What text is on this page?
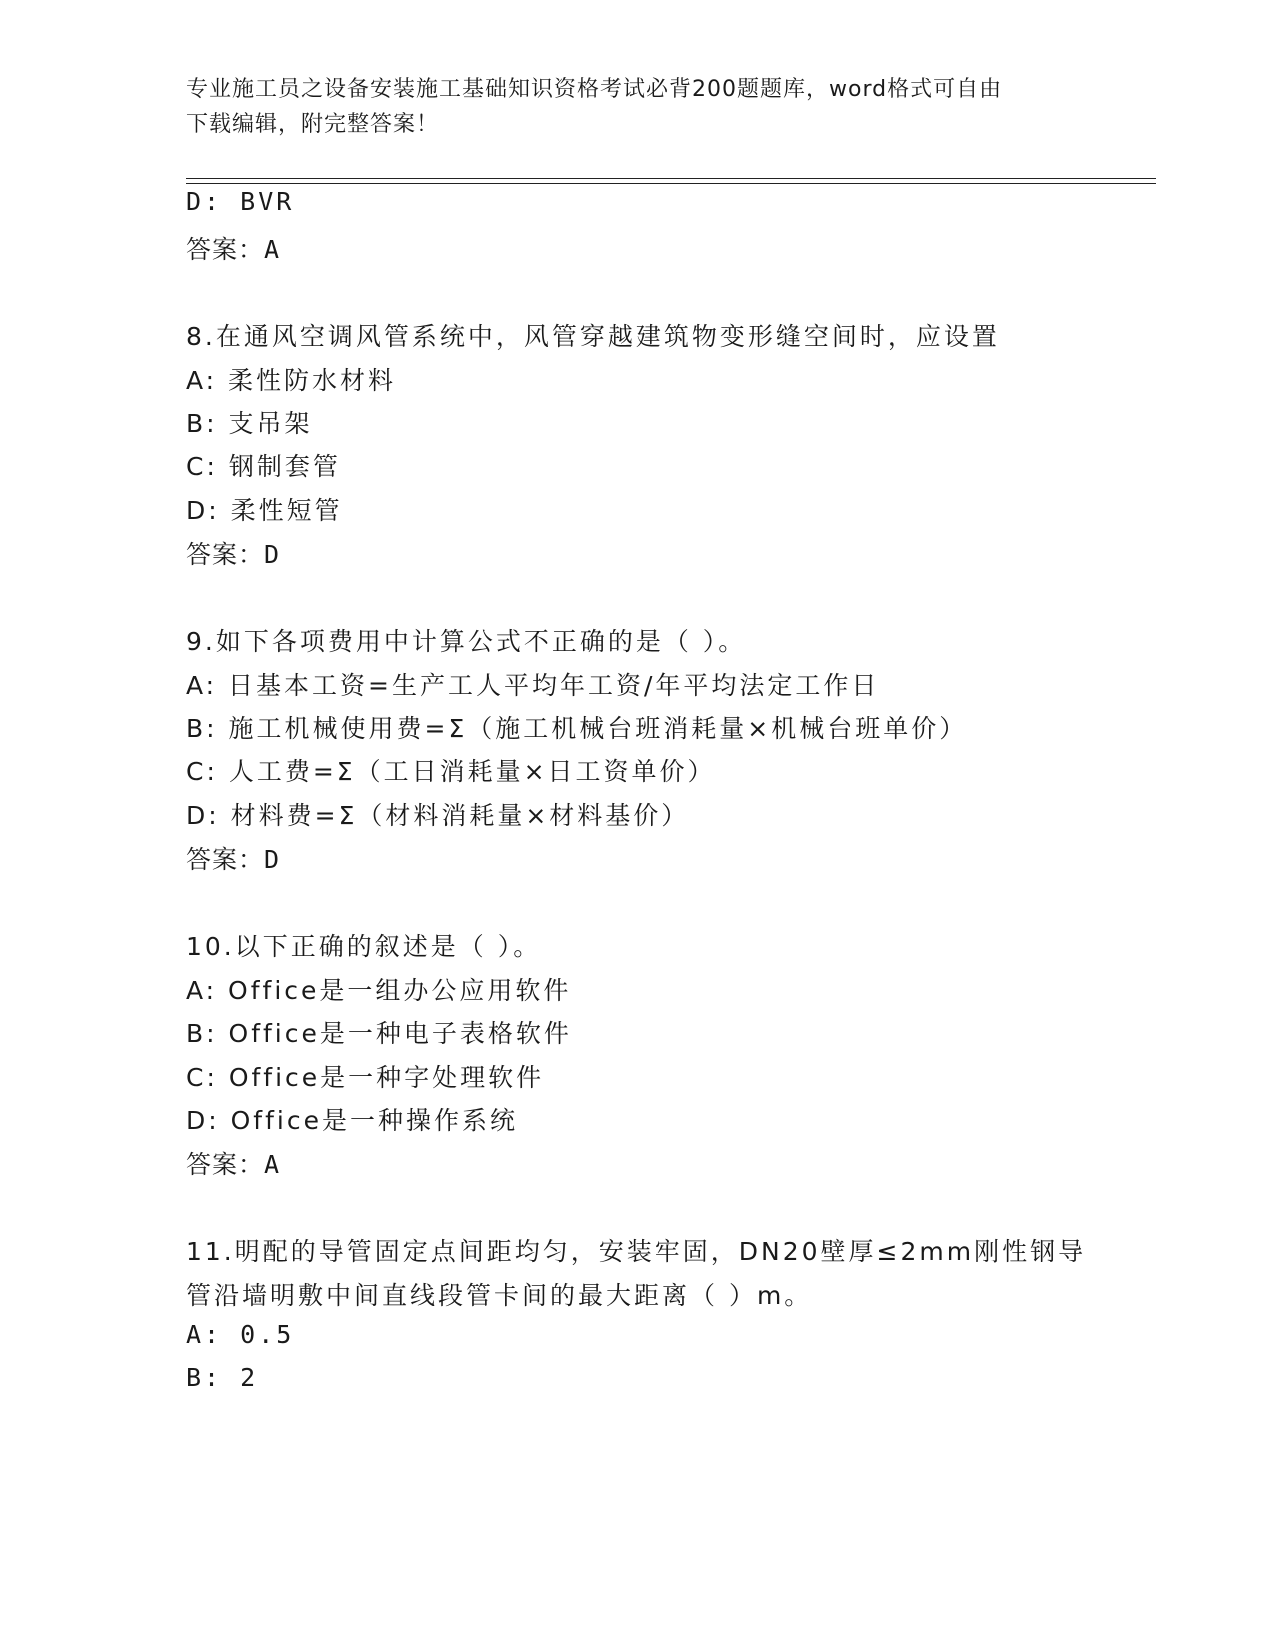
专业施工员之设备安装施工基础知识资格考试必背200题题库，word格式可自由
下载编辑，附完整答案！
D: BVR
答案：A
8.在通风空调风管系统中，风管穿越建筑物变形缝空间时，应设置
A: 柔性防水材料
B: 支吊架
C: 钢制套管
D: 柔性短管
答案：D
9.如下各项费用中计算公式不正确的是（ ）。
A: 日基本工资=生产工人平均年工资/年平均法定工作日
B: 施工机械使用费=Σ（施工机械台班消耗量×机械台班单价）
C: 人工费=Σ（工日消耗量×日工资单价）
D: 材料费=Σ（材料消耗量×材料基价）
答案：D
10.以下正确的叙述是（ ）。
A: Office是一组办公应用软件
B: Office是一种电子表格软件
C: Office是一种字处理软件
D: Office是一种操作系统
答案：A
11.明配的导管固定点间距均匀，安装牢固，DN20壁厚≤2mm刚性钢导
管沿墙明敷中间直线段管卡间的最大距离（ ）m。
A: 0.5
B: 2
